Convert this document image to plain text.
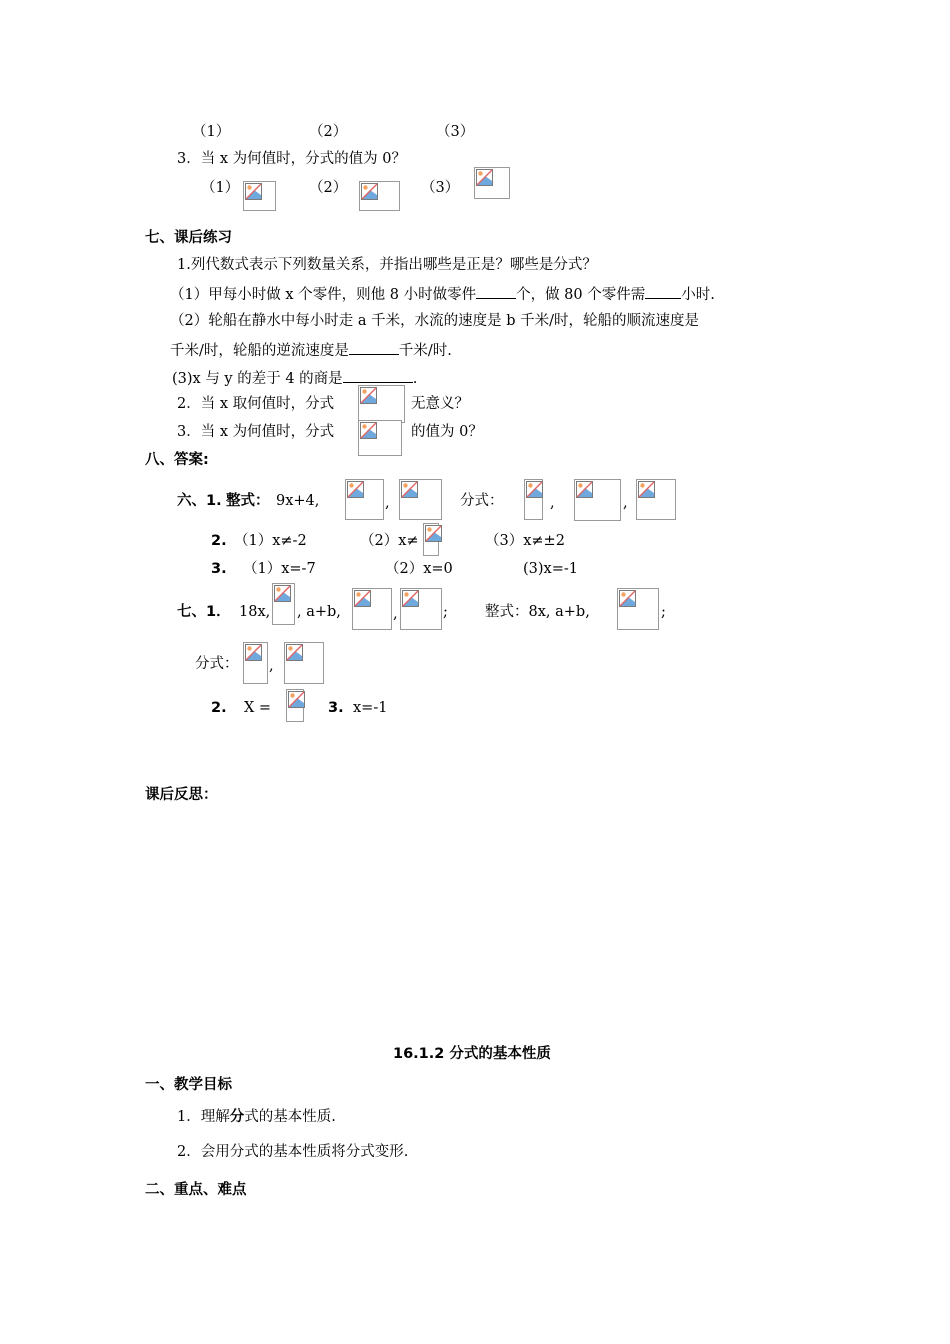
（1）	（2）	（3）
3．当 x 为何值时，分式的值为 0？
（1）	（2）	（3）
七、课后练习
1.列代数式表示下列数量关系，并指出哪些是正是？哪些是分式？
（1）甲每小时做 x 个零件，则他 8 小时做零件	个，做 80 个零件需 小时.
（2）轮船在静水中每小时走 a 千米，水流的速度是 b 千米/时，轮船的顺流速度是
千米/时，轮船的逆流速度是	千米/时.
(3)x 与 y 的差于 4 的商是	.
2．当 x 取何值时，分式	无意义？
3．当 x 为何值时，分式	的值为 0？
八、答案:
六、1. 整式： 9x+4,	,	分式：	,	,
2. （1）x≠-2	（2）x≠	（3）x≠±2
3. （1）x=-7	（2）x=0	(3)x=-1
七、1． 18x, , a+b,	,	;	整式：8x, a+b,	;
分式： ,
2. X =	3. x=-1
课后反思：
16.1.2 分式的基本性质
一、教学目标
1．理解分式的基本性质.
2．会用分式的基本性质将分式变形.
二、重点、难点
